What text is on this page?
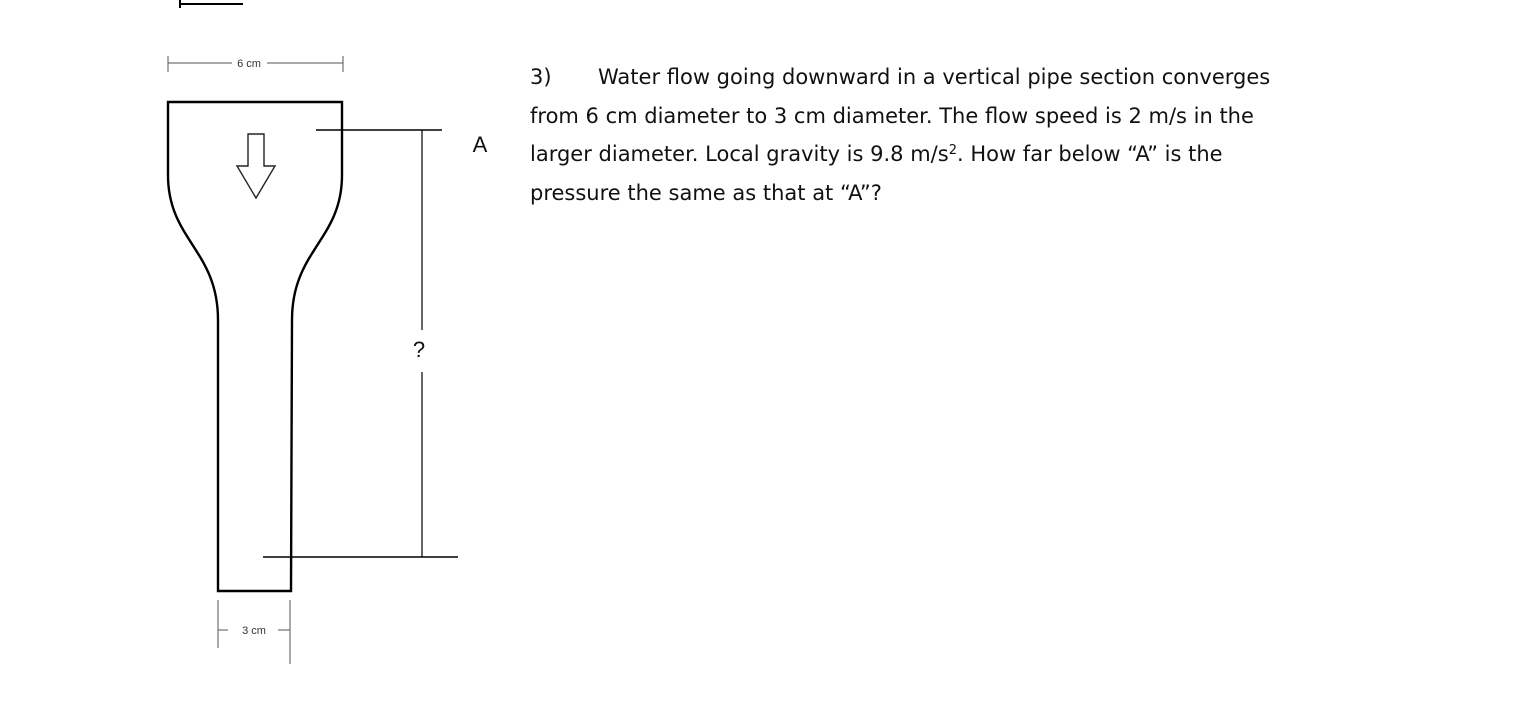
6 cm
A
?
3 cm
3) Water flow going downward in a vertical pipe section converges
from 6 cm diameter to 3 cm diameter. The flow speed is 2 m/s in the
larger diameter. Local gravity is 9.8 $m/s^2$. How far below “A” is the
pressure the same as that at “A”?
